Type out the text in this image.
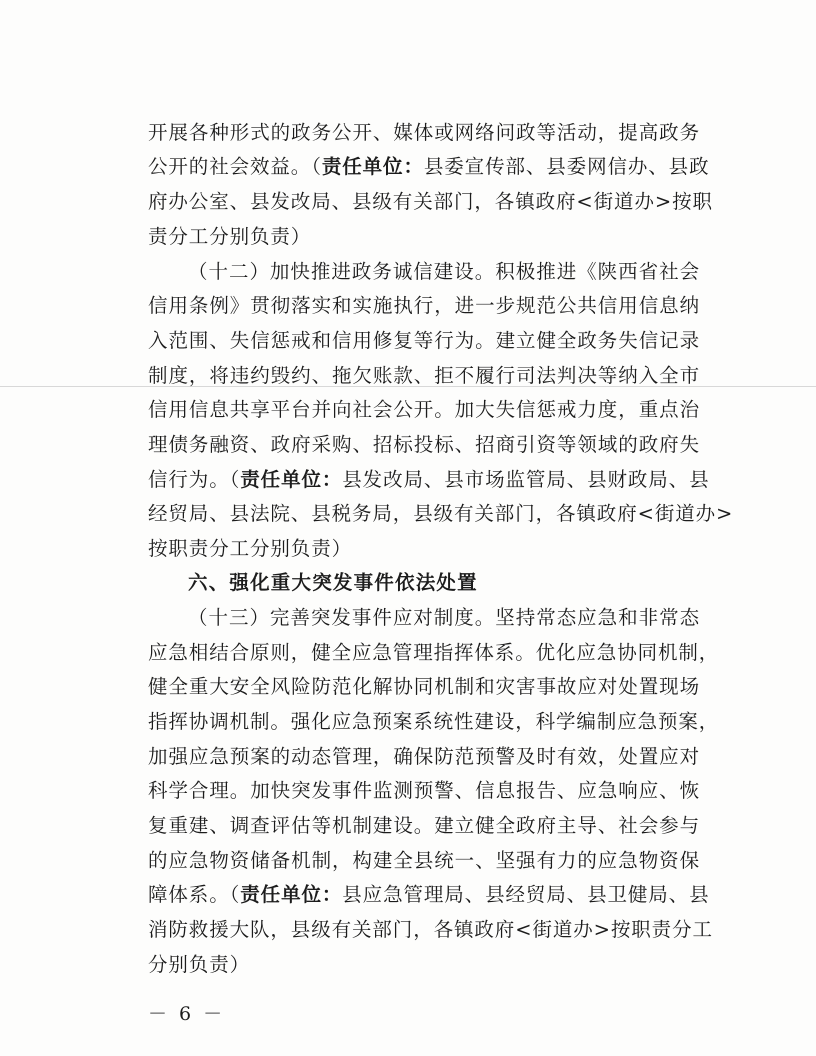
开展各种形式的政务公开、媒体或网络问政等活动，提高政务
公开的社会效益。（责任单位：县委宣传部、县委网信办、县政
府办公室、县发改局、县级有关部门，各镇政府<街道办>按职
责分工分别负责）
（十二）加快推进政务诚信建设。积极推进《陕西省社会
信用条例》贯彻落实和实施执行，进一步规范公共信用信息纳
入范围、失信惩戒和信用修复等行为。建立健全政务失信记录
制度，将违约毁约、拖欠账款、拒不履行司法判决等纳入全市
信用信息共享平台并向社会公开。加大失信惩戒力度，重点治
理债务融资、政府采购、招标投标、招商引资等领域的政府失
信行为。（责任单位：县发改局、县市场监管局、县财政局、县
经贸局、县法院、县税务局，县级有关部门，各镇政府<街道办>
按职责分工分别负责）
六、强化重大突发事件依法处置
（十三）完善突发事件应对制度。坚持常态应急和非常态
应急相结合原则，健全应急管理指挥体系。优化应急协同机制，
健全重大安全风险防范化解协同机制和灾害事故应对处置现场
指挥协调机制。强化应急预案系统性建设，科学编制应急预案，
加强应急预案的动态管理，确保防范预警及时有效，处置应对
科学合理。加快突发事件监测预警、信息报告、应急响应、恢
复重建、调查评估等机制建设。建立健全政府主导、社会参与
的应急物资储备机制，构建全县统一、坚强有力的应急物资保
障体系。（责任单位：县应急管理局、县经贸局、县卫健局、县
消防救援大队，县级有关部门，各镇政府<街道办>按职责分工
分别负责）
－ 6 －
